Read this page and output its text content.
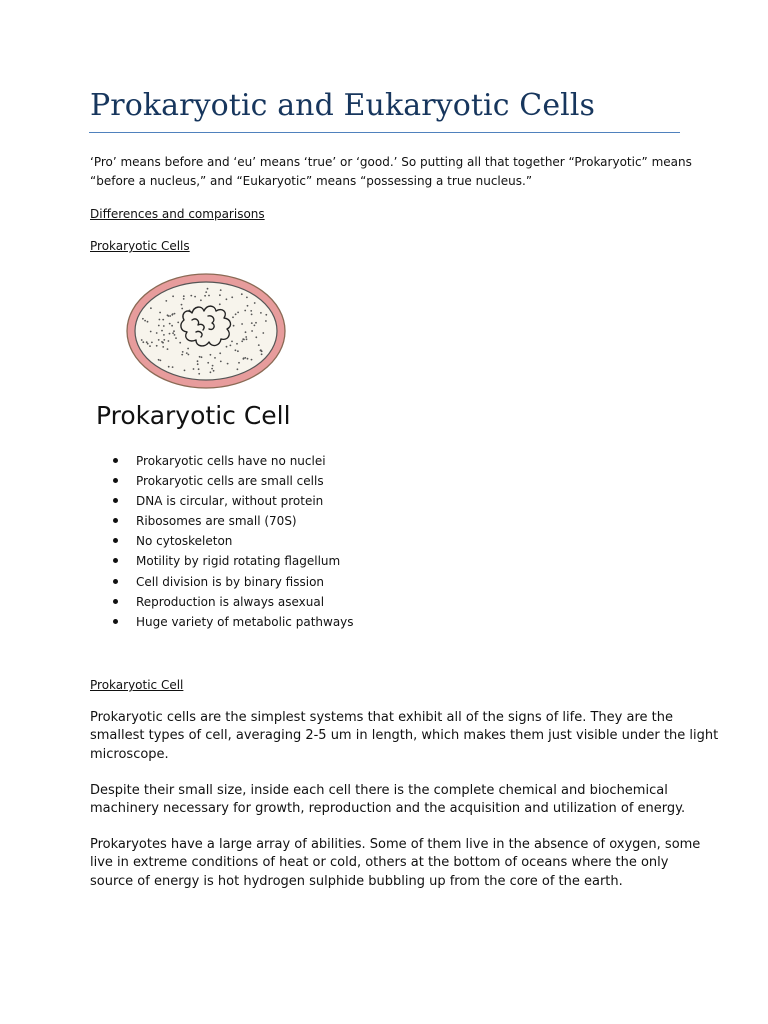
Prokaryotic and Eukaryotic Cells
‘Pro’ means before and ‘eu’ means ‘true’ or ‘good.’ So putting all that together “Prokaryotic” means
“before a nucleus,” and “Eukaryotic” means “possessing a true nucleus.”
Differences and comparisons
Prokaryotic Cells
Prokaryotic Cell
Prokaryotic cells have no nuclei
Prokaryotic cells are small cells
DNA is circular, without protein
Ribosomes are small (70S)
No cytoskeleton
Motility by rigid rotating flagellum
Cell division is by binary fission
Reproduction is always asexual
Huge variety of metabolic pathways
Prokaryotic Cell
Prokaryotic cells are the simplest systems that exhibit all of the signs of life. They are the
smallest types of cell, averaging 2-5 um in length, which makes them just visible under the light
microscope.
Despite their small size, inside each cell there is the complete chemical and biochemical
machinery necessary for growth, reproduction and the acquisition and utilization of energy.
Prokaryotes have a large array of abilities. Some of them live in the absence of oxygen, some
live in extreme conditions of heat or cold, others at the bottom of oceans where the only
source of energy is hot hydrogen sulphide bubbling up from the core of the earth.
